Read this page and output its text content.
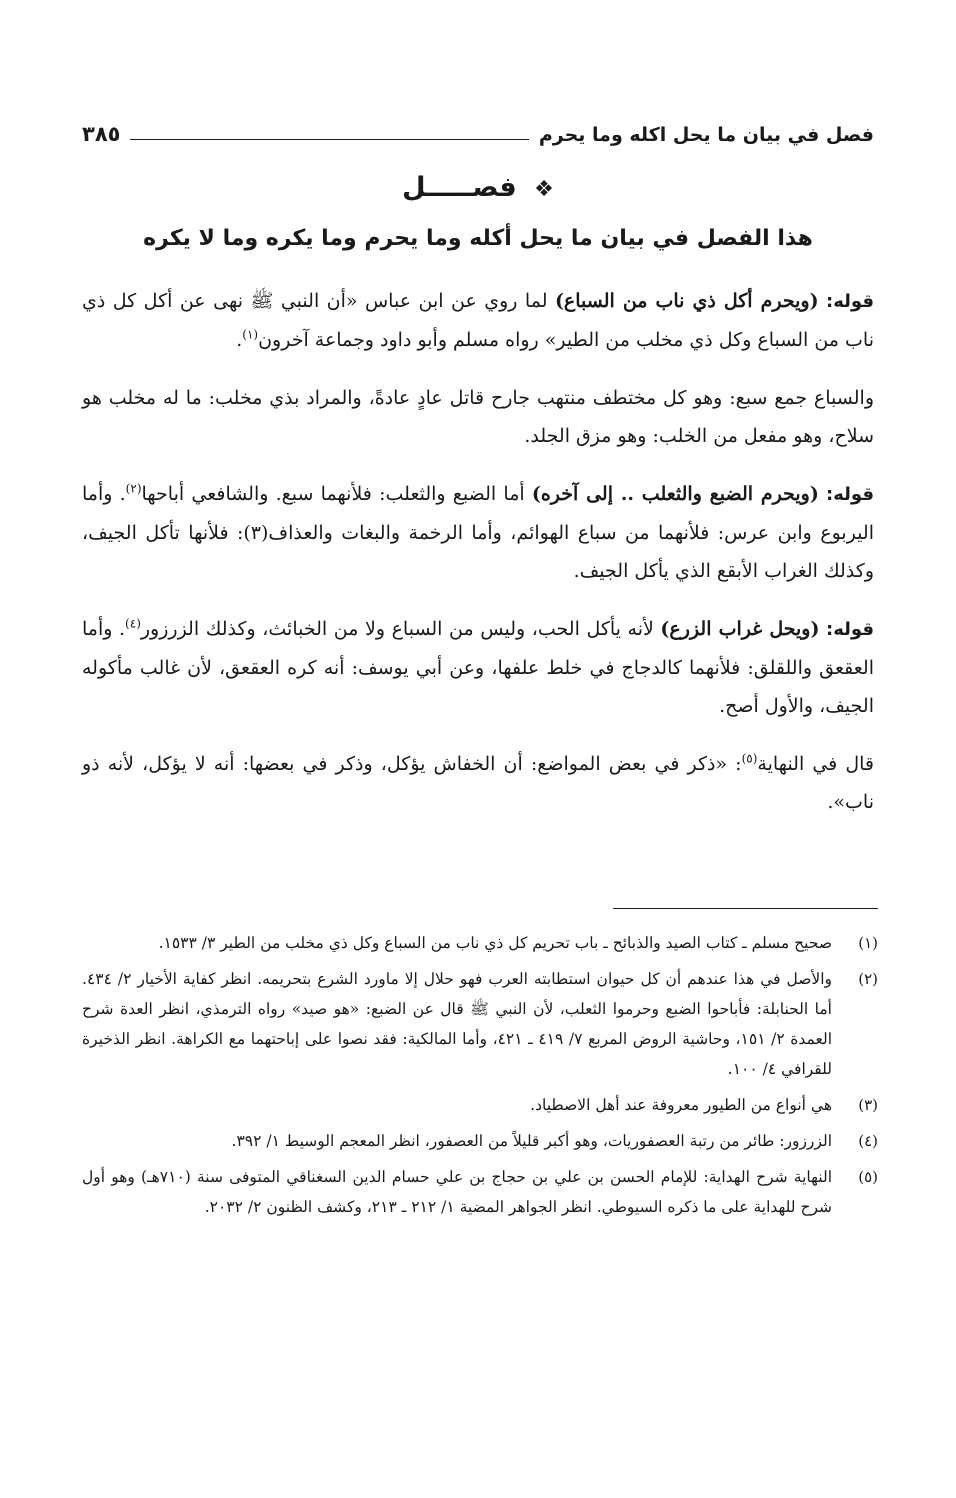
فصل في بيان ما يحل اكله وما يحرم
٣٨٥
❖ فصـــــل
هذا الفصل في بيان ما يحل أكله وما يحرم وما يكره وما لا يكره

قوله: (ويحرم أكل ذي ناب من السباع) لما روي عن ابن عباس «أن النبي ﷺ نهى عن أكل كل ذي ناب من السباع وكل ذي مخلب من الطير» رواه مسلم وأبو داود وجماعة آخرون$^{(١)}$.

والسباع جمع سبع: وهو كل مختطف منتهب جارح قاتل عادٍ عادةً، والمراد بذي مخلب: ما له مخلب هو سلاح، وهو مفعل من الخلب: وهو مزق الجلد.

قوله: (ويحرم الضبع والثعلب .. إلى آخره) أما الضبع والثعلب: فلأنهما سبع. والشافعي أباحها$^{(٢)}$. وأما اليربوع وابن عرس: فلأنهما من سباع الهوائم، وأما الرخمة والبغات والعذاف(٣): فلأنها تأكل الجيف، وكذلك الغراب الأبقع الذي يأكل الجيف.

قوله: (ويحل غراب الزرع) لأنه يأكل الحب، وليس من السباع ولا من الخبائث، وكذلك الزرزور$^{(٤)}$. وأما العقعق واللقلق: فلأنهما كالدجاج في خلط علفها، وعن أبي يوسف: أنه كره العقعق، لأن غالب مأكوله الجيف، والأول أصح.

قال في النهاية$^{(٥)}$: «ذكر في بعض المواضع: أن الخفاش يؤكل، وذكر في بعضها: أنه لا يؤكل، لأنه ذو ناب».

(١)
صحيح مسلم ـ كتاب الصيد والذبائح ـ باب تحريم كل ذي ناب من السباع وكل ذي مخلب من الطير ٣/ ١٥٣٣.
(٢)
والأصل في هذا عندهم أن كل حيوان استطابته العرب فهو حلال إلا ماورد الشرع بتحريمه. انظر كفاية الأخيار ٢/ ٤٣٤. أما الحنابلة: فأباحوا الضبع وحرموا الثعلب، لأن النبي ﷺ قال عن الضبع: «هو صيد» رواه الترمذي، انظر العدة شرح العمدة ٢/ ١٥١، وحاشية الروض المربع ٧/ ٤١٩ ـ ٤٢١، وأما المالكية: فقد نصوا على إباحتهما مع الكراهة. انظر الذخيرة للقرافي ٤/ ١٠٠.
(٣)
هي أنواع من الطيور معروفة عند أهل الاصطياد.
(٤)
الزرزور: طائر من رتبة العصفوريات، وهو أكبر قليلاً من العصفور، انظر المعجم الوسيط ١/ ٣٩٢.
(٥)
النهاية شرح الهداية: للإمام الحسن بن علي بن حجاج بن علي حسام الدين السغناقي المتوفى سنة (٧١٠هـ) وهو أول شرح للهداية على ما ذكره السيوطي. انظر الجواهر المضية ١/ ٢١٢ ـ ٢١٣، وكشف الظنون ٢/ ٢٠٣٢.
